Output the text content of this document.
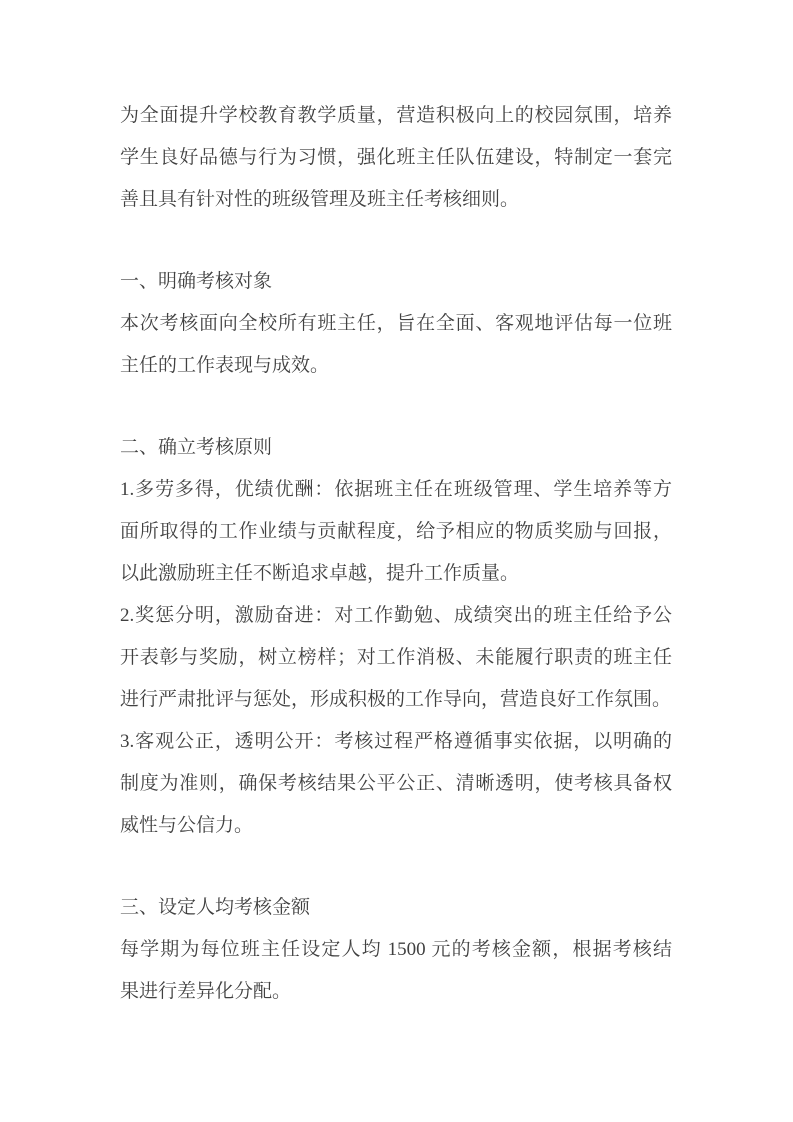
为全面提升学校教育教学质量，营造积极向上的校园氛围，培养
学生良好品德与行为习惯，强化班主任队伍建设，特制定一套完
善且具有针对性的班级管理及班主任考核细则。
一、明确考核对象
本次考核面向全校所有班主任，旨在全面、客观地评估每一位班
主任的工作表现与成效。
二、确立考核原则
1.多劳多得，优绩优酬：依据班主任在班级管理、学生培养等方
面所取得的工作业绩与贡献程度，给予相应的物质奖励与回报，
以此激励班主任不断追求卓越，提升工作质量。
2.奖惩分明，激励奋进：对工作勤勉、成绩突出的班主任给予公
开表彰与奖励，树立榜样；对工作消极、未能履行职责的班主任
进行严肃批评与惩处，形成积极的工作导向，营造良好工作氛围。
3.客观公正，透明公开：考核过程严格遵循事实依据，以明确的
制度为准则，确保考核结果公平公正、清晰透明，使考核具备权
威性与公信力。
三、设定人均考核金额
每学期为每位班主任设定人均 1500 元的考核金额，根据考核结
果进行差异化分配。
